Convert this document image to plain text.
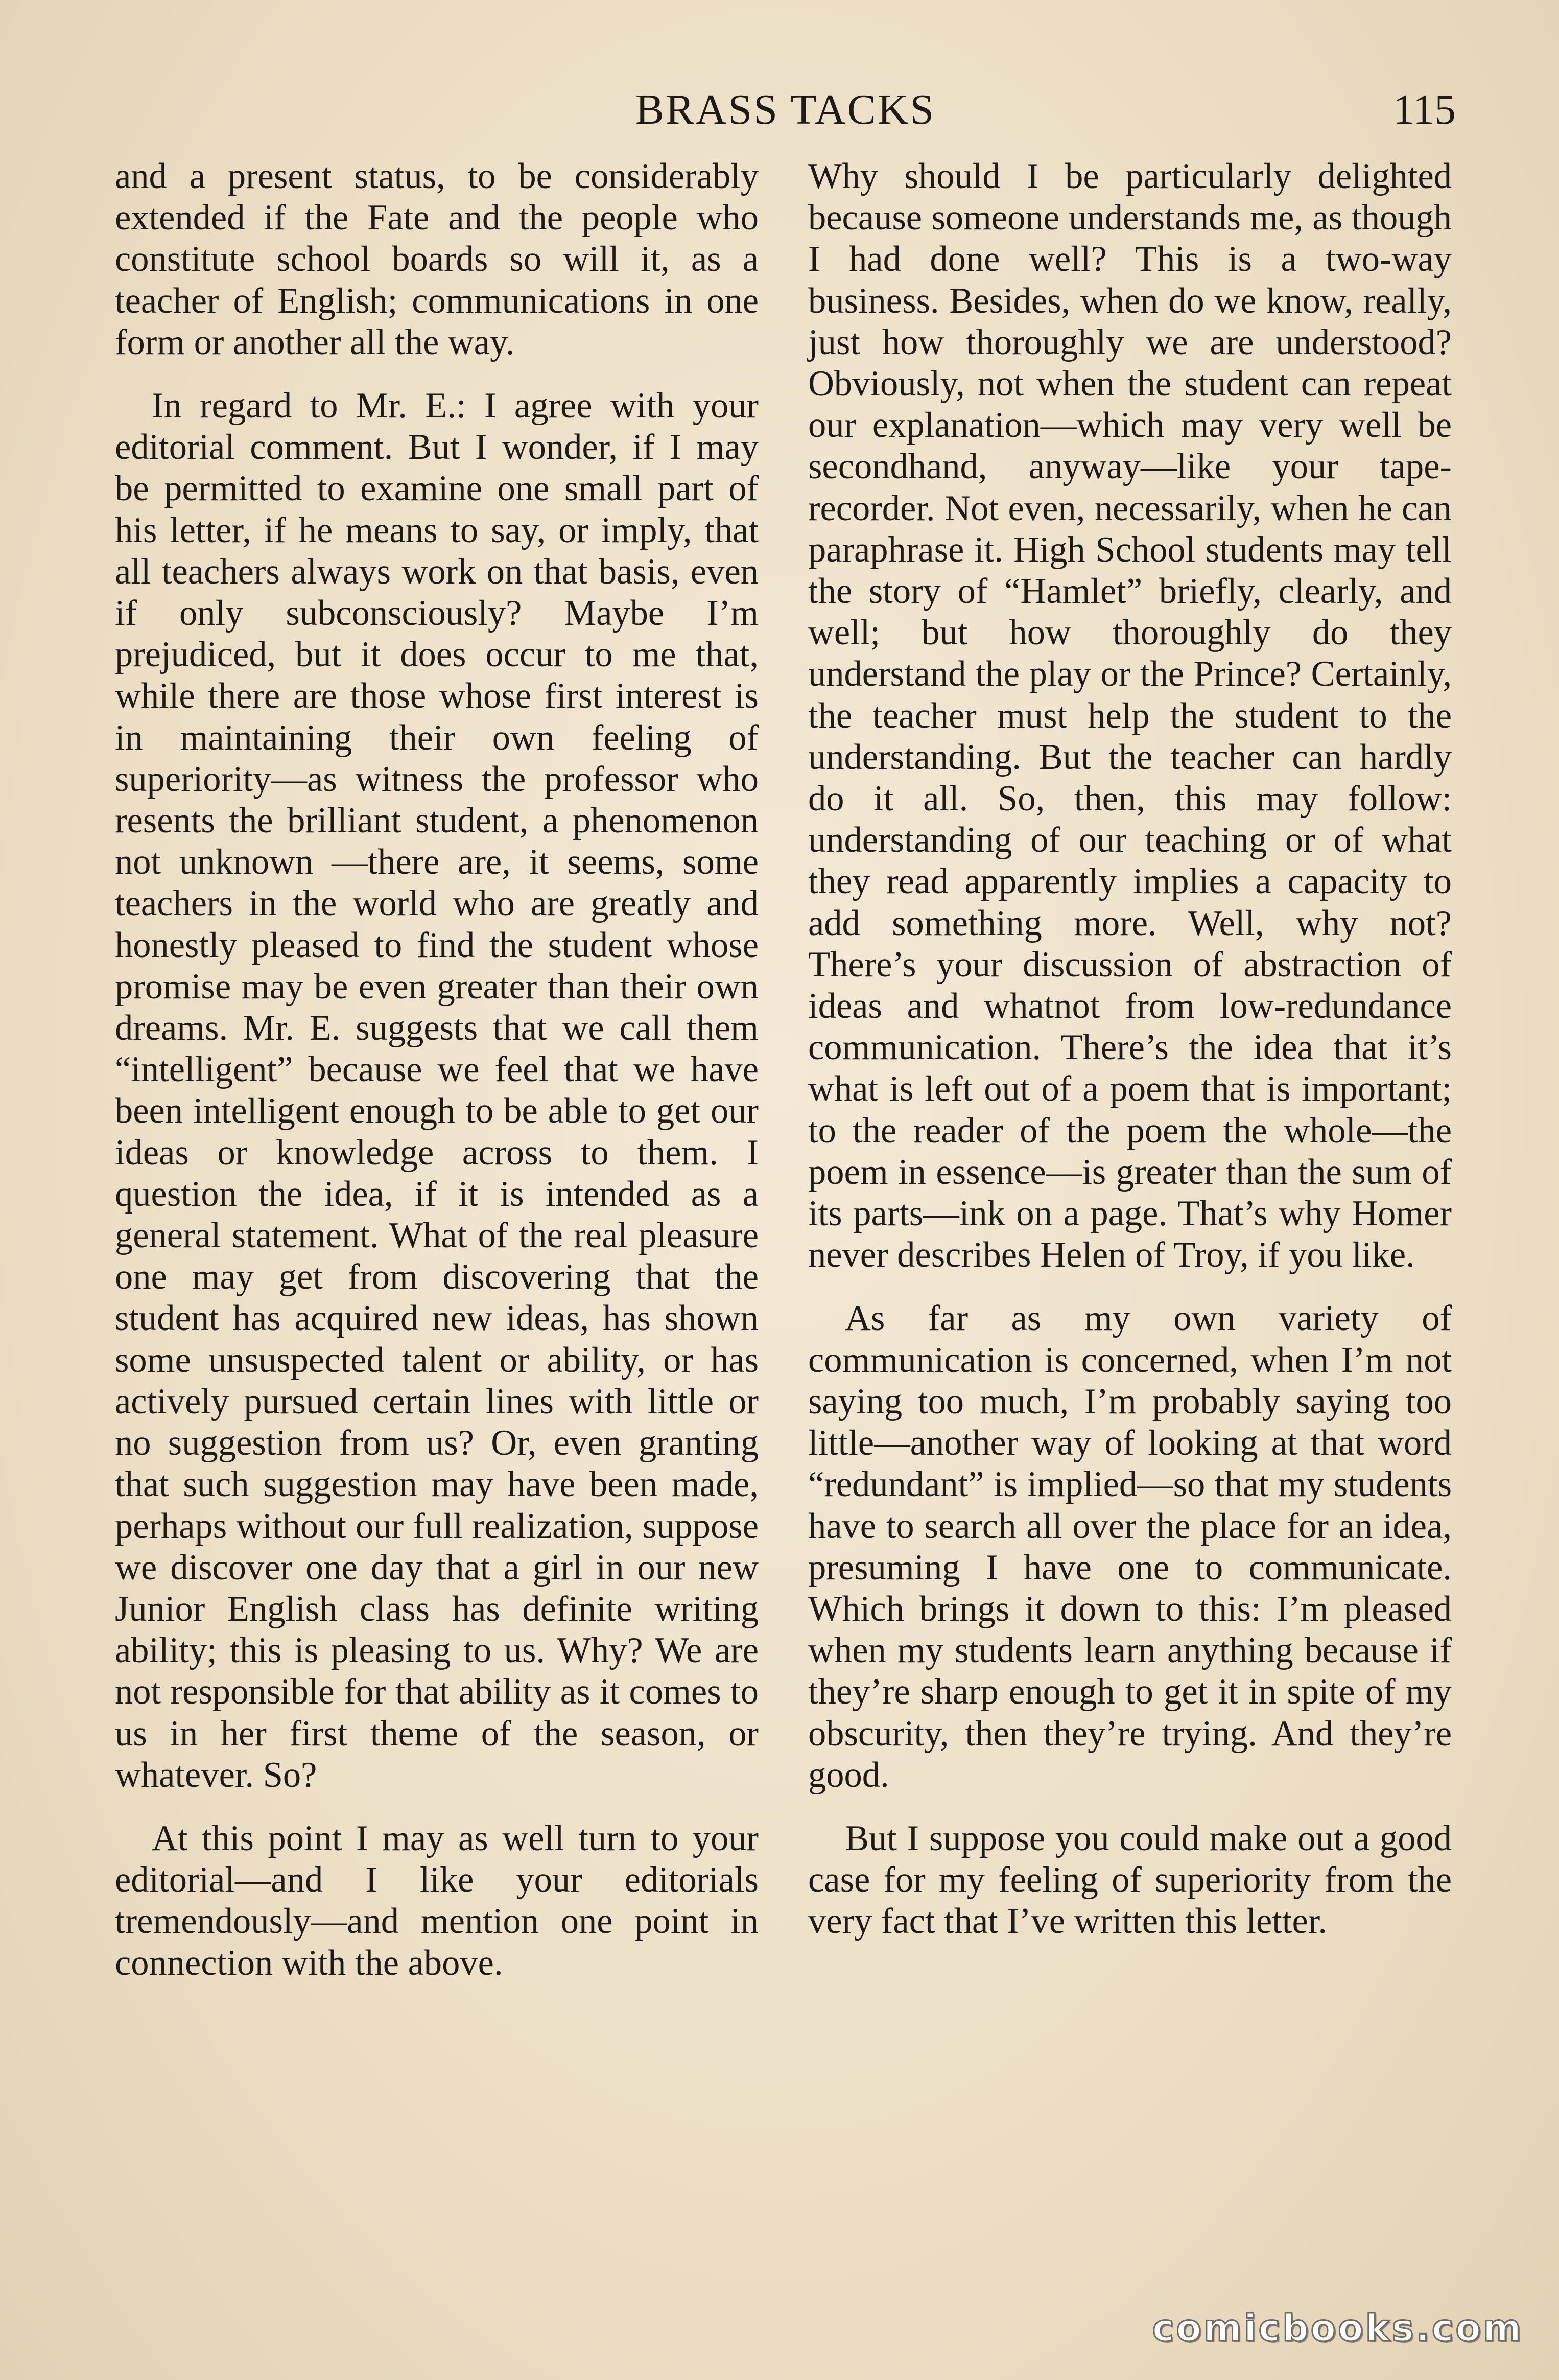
BRASS TACKS	115

and a present status, to be considerably extended if the Fate and the people who constitute school boards so will it, as a teacher of English; communications in one form or another all the way.

In regard to Mr. E.: I agree with your editorial comment. But I wonder, if I may be permitted to examine one small part of his letter, if he means to say, or imply, that all teachers always work on that basis, even if only subconsciously? Maybe I’m prejudiced, but it does occur to me that, while there are those whose first interest is in maintaining their own feeling of superiority—as witness the professor who resents the brilliant student, a phenomenon not unknown —there are, it seems, some teachers in the world who are greatly and honestly pleased to find the student whose promise may be even greater than their own dreams. Mr. E. suggests that we call them “intelligent” because we feel that we have been intelligent enough to be able to get our ideas or knowledge across to them. I question the idea, if it is intended as a general statement. What of the real pleasure one may get from discovering that the student has acquired new ideas, has shown some unsuspected talent or ability, or has actively pursued certain lines with little or no suggestion from us? Or, even granting that such suggestion may have been made, perhaps without our full realization, suppose we discover one day that a girl in our new Junior English class has definite writing ability; this is pleasing to us. Why? We are not responsible for that ability as it comes to us in her first theme of the season, or whatever. So?

At this point I may as well turn to your editorial—and I like your editorials tremendously—and mention one point in connection with the above.

Why should I be particularly delighted because someone understands me, as though I had done well? This is a two-way business. Besides, when do we know, really, just how thoroughly we are understood? Obviously, not when the student can repeat our explanation—which may very well be secondhand, anyway—like your tape-recorder. Not even, necessarily, when he can paraphrase it. High School students may tell the story of “Hamlet” briefly, clearly, and well; but how thoroughly do they understand the play or the Prince? Certainly, the teacher must help the student to the understanding. But the teacher can hardly do it all. So, then, this may follow: understanding of our teaching or of what they read apparently implies a capacity to add something more. Well, why not? There’s your discussion of abstraction of ideas and whatnot from low-redundance communication. There’s the idea that it’s what is left out of a poem that is important; to the reader of the poem the whole—the poem in essence—is greater than the sum of its parts—ink on a page. That’s why Homer never describes Helen of Troy, if you like.

As far as my own variety of communication is concerned, when I’m not saying too much, I’m probably saying too little—another way of looking at that word “redundant” is implied—so that my students have to search all over the place for an idea, presuming I have one to communicate. Which brings it down to this: I’m pleased when my students learn anything because if they’re sharp enough to get it in spite of my obscurity, then they’re trying. And they’re good.

But I suppose you could make out a good case for my feeling of superiority from the very fact that I’ve written this letter.

comicbooks.com
